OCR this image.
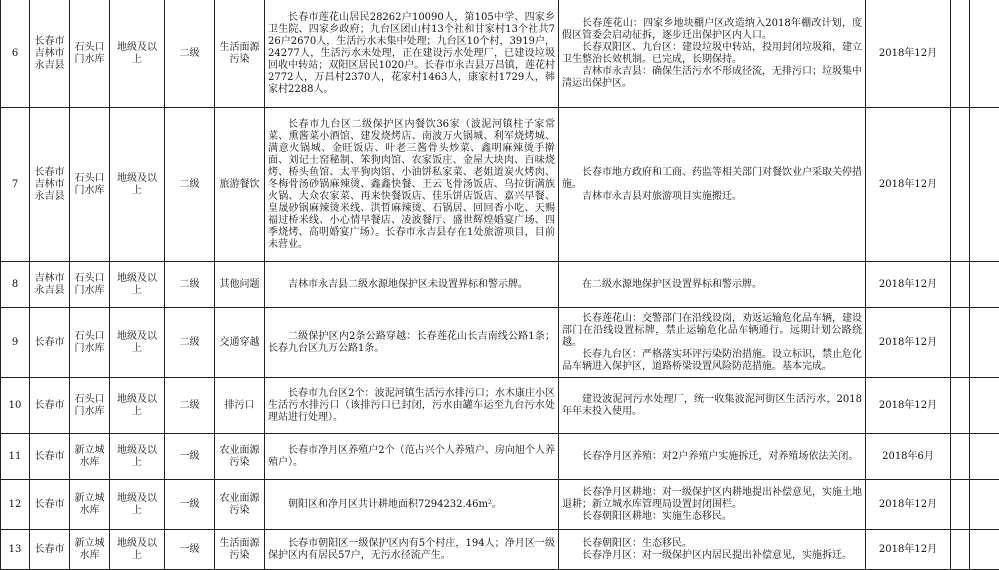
6	长春市吉林市永吉县	石头口门水库	地级及以上	二级	生活面源污染	长春市莲花山居民28262户10090人，第105中学、四家乡卫生院、四家乡政府；九台区团山村13个社和甘家村13个社共726户2670人，生活污水未集中处理；九台区10个村，3919户，24277人，生活污水未处理，正在建设污水处理厂，已建设垃圾回收中转站；双阳区居民1020户。长春市永吉县万昌镇，莲花村2772人，万昌村2370人，花家村1463人，康家村1729人，韩家村2288人。	长春莲花山：四家乡地块棚户区改造纳入2018年棚改计划，度假区管委会启动征拆，逐步迁出保护区内人口。

长春双阳区、九台区：建设垃圾中转站，投用封闭垃圾箱，建立卫生整治长效机制。已完成，长期保持。

吉林市永吉县：确保生活污水不形成径流，无排污口；垃圾集中清运出保护区。	2018年12月		
7	长春市吉林市永吉县	石头口门水库	地级及以上	二级	旅游餐饮	长春市九台区二级保护区内餐饮36家（波泥河镇柱子家常菜、熏酱菜小酒馆、建发烧烤店、南波万火锅城、利军烧烤城、满意火锅城、金旺饭店、叶老三酱骨头炒菜、鑫明麻辣烫手擀面、刘记士窑秘制、笨狗肉馆、农家饭庄、金屋大块肉、百味烧烤、桥头鱼馆、太平狗肉馆、小油饼私家菜、老姐道炭火烤肉、冬梅骨汤砂锅麻辣烫、鑫鑫快餐、王云飞骨汤饭店、乌拉街满族火锅、大众农家菜、再来快餐饭店、佳乐饼店饭店、嘉兴早餐、皇晟砂锅麻辣烫米线、洪哲麻辣烫、石锅居、回回香小吃、天赐福过桥米线、小心情早餐店、凌波餐厅、盛世辉煌婚宴广场、四季烧烤、高明婚宴广场）。长春市永吉县存在1处旅游项目，目前未营业。	长春市地方政府和工商、药监等相关部门对餐饮业户采取关停措施。

吉林市永吉县对旅游项目实施搬迁。	2018年12月		
8	吉林市永吉县	石头口门水库	地级及以上	二级	其他问题	吉林市永吉县二级水源地保护区未设置界标和警示牌。	在二级水源地保护区设置界标和警示牌。	2018年12月		
9	长春市	石头口门水库	地级及以上	二级	交通穿越	二级保护区内2条公路穿越：长春莲花山长吉南线公路1条；长春九台区九万公路1条。	长春莲花山：交警部门在沿线设岗，劝返运输危化品车辆，建设部门在沿线设置标牌，禁止运输危化品车辆通行。远期计划公路绕越。

长春九台区：严格落实环评污染防治措施。设立标识，禁止危化品车辆进入保护区，道路桥梁设置风险防范措施。基本完成。	2018年12月		
10	长春市	石头口门水库	地级及以上	二级	排污口	长春市九台区2个：波泥河镇生活污水排污口；水木康庄小区生活污水排污口（该排污口已封闭，污水由罐车运至九台污水处理站进行处理）。	建设波泥河污水处理厂，统一收集波泥河街区生活污水，2018年年末投入使用。	2018年12月		
11	长春市	新立城水库	地级及以上	一级	农业面源污染	长春市净月区养殖户2个（范占兴个人养殖户、房向旭个人养殖户）。	长春净月区养殖：对2户养殖户实施拆迁，对养殖场依法关闭。	2018年6月		
12	长春市	新立城水库	地级及以上	一级	农业面源污染	朝阳区和净月区共计耕地面积7294232.46m²。	长春净月区耕地：对一级保护区内耕地提出补偿意见，实施土地退耕；新立城水库管理局设置封闭围栏。

长春朝阳区耕地：实施生态移民。	2018年12月		
13	长春市	新立城水库	地级及以上	一级	生活面源污染	长春市朝阳区一级保护区内有5个村庄，194人；净月区一级保护区内有居民57户，无污水径流产生。	长春朝阳区：生态移民。

长春净月区：对一级保护区内居民提出补偿意见，实施拆迁。	2018年12月		
